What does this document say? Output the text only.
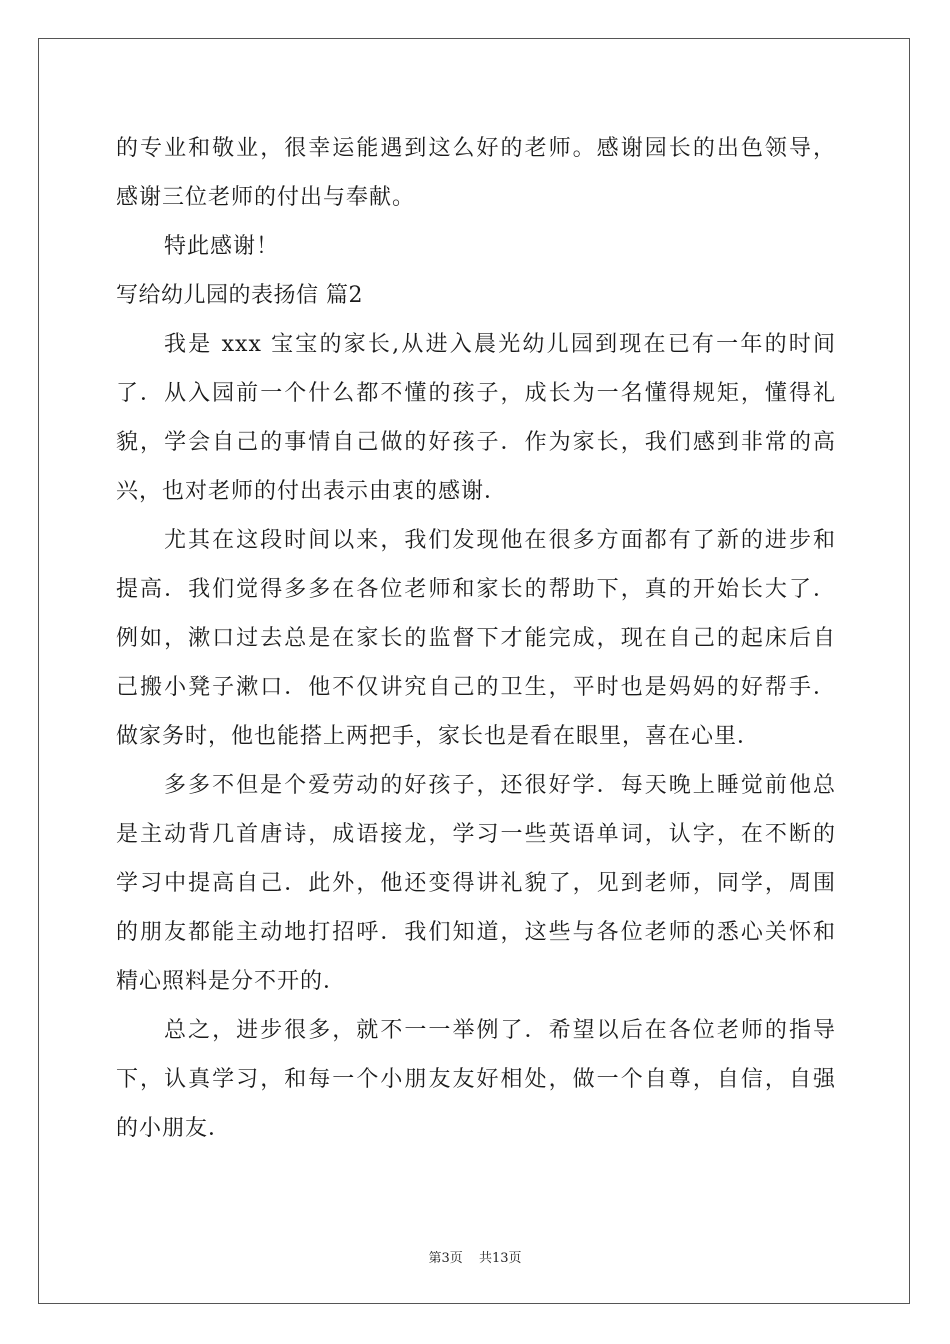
的专业和敬业，很幸运能遇到这么好的老师。感谢园长的出色领导，
感谢三位老师的付出与奉献。
特此感谢！
写给幼儿园的表扬信 篇2
我是 xxx 宝宝的家长,从进入晨光幼儿园到现在已有一年的时间
了．从入园前一个什么都不懂的孩子，成长为一名懂得规矩，懂得礼
貌，学会自己的事情自己做的好孩子．作为家长，我们感到非常的高
兴，也对老师的付出表示由衷的感谢．
尤其在这段时间以来，我们发现他在很多方面都有了新的进步和
提高．我们觉得多多在各位老师和家长的帮助下，真的开始长大了．
例如，漱口过去总是在家长的监督下才能完成，现在自己的起床后自
己搬小凳子漱口．他不仅讲究自己的卫生，平时也是妈妈的好帮手．
做家务时，他也能搭上两把手，家长也是看在眼里，喜在心里．
多多不但是个爱劳动的好孩子，还很好学．每天晚上睡觉前他总
是主动背几首唐诗，成语接龙，学习一些英语单词，认字，在不断的
学习中提高自己．此外，他还变得讲礼貌了，见到老师，同学，周围
的朋友都能主动地打招呼．我们知道，这些与各位老师的悉心关怀和
精心照料是分不开的．
总之，进步很多，就不一一举例了．希望以后在各位老师的指导
下，认真学习，和每一个小朋友友好相处，做一个自尊，自信，自强
的小朋友．
第3页 共13页
